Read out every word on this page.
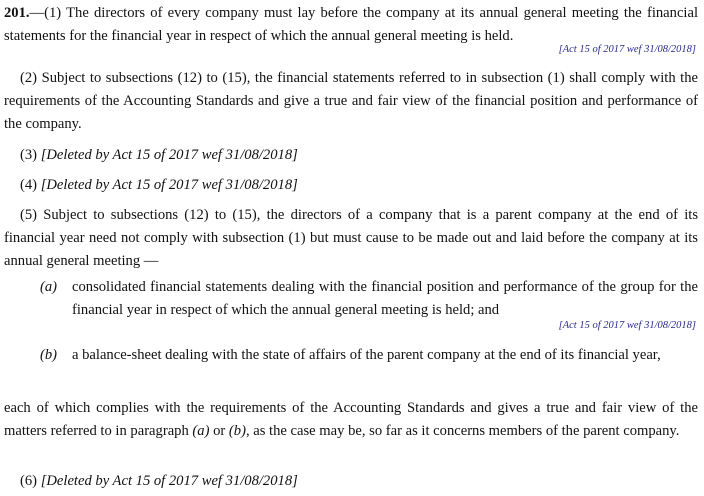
201.—(1) The directors of every company must lay before the company at its annual general meeting the financial statements for the financial year in respect of which the annual general meeting is held.
[Act 15 of 2017 wef 31/08/2018]
(2) Subject to subsections (12) to (15), the financial statements referred to in subsection (1) shall comply with the requirements of the Accounting Standards and give a true and fair view of the financial position and performance of the company.
(3) [Deleted by Act 15 of 2017 wef 31/08/2018]
(4) [Deleted by Act 15 of 2017 wef 31/08/2018]
(5) Subject to subsections (12) to (15), the directors of a company that is a parent company at the end of its financial year need not comply with subsection (1) but must cause to be made out and laid before the company at its annual general meeting —
(a) consolidated financial statements dealing with the financial position and performance of the group for the financial year in respect of which the annual general meeting is held; and
[Act 15 of 2017 wef 31/08/2018]
(b) a balance-sheet dealing with the state of affairs of the parent company at the end of its financial year,
each of which complies with the requirements of the Accounting Standards and gives a true and fair view of the matters referred to in paragraph (a) or (b), as the case may be, so far as it concerns members of the parent company.
(6) [Deleted by Act 15 of 2017 wef 31/08/2018]
